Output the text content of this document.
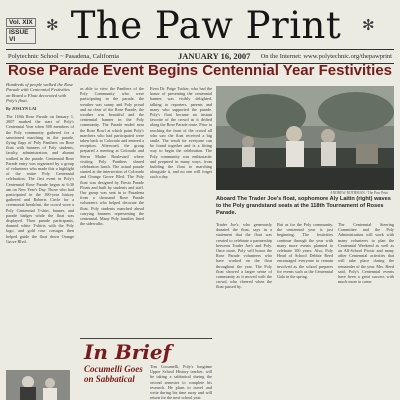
Vol. XIX
ISSUE VI
✻ The Paw Print	✻
Polytechnic School ~ Pasadena, California	JANUARY 16, 2007 On the Internet: www.polytechnic.org/thepawprint
Rose Parade Event Begins Centennial Year Festivities
Hundreds of people walked the Rose Parade with Centennial Festivities on Board a Float decorated with Poly's float.
By JOSLYN LAI
The 118th Rose Parade on January 1, 2007 marked the start of Poly's Centennial Year when 500 members of the Poly community gathered for a sanctioned marching in the parade, flying flags of Poly Panthers on Rose float with banners of Poly students, faculty, administration, and alumni walked in the parade. Centennial Rose Parade entry was organized by a group of volunteers who made this a highlight of the entire Poly Centennial celebration. The first event in Poly's Centennial Rose Parade began at 6:30 am on New Year's Day. Those who had participated in the 100-year history gathered and Roberts Circle for a ceremonial breakfast, the crowd wore a Poly Centennial T-shirt, banner, and parade badges while the float was displayed. Then parade participants, donned white T-shirts with the Poly logo, and gold rose corsages then helped guide the float down Orange Grove Blvd.
as able to view the Panthers of the Poly Community who were participating in the parade, the weather was sunny and Poly proud and no clear of the Rose Parade, the weather was beautiful and the centennial banner in the Poly community. The Parade ended near the Rose Bowl at which point Poly's marchers who had participated were taken back to Colorado and entered a reception. Afterward, the group prepared a meeting at Colorado and Sierra Madre Boulevard where visiting Poly Panthers shared celebration lunch. The actual parade started at the intersection of Colorado and Orange Grove Blvd. The Poly float was designed by Fiesta Parade Floats and built by students and staff. Our group was sent in to Pasadena from a thousand Rose Parade volunteers who helped decorate the float. Poly students marched ahead carrying banners representing the centennial. Many Poly families lined the sidewalks.
Even Dr. Paige Tucker, who had the honor of presenting the centennial banner, was visibly delighted, talking to reporters, parents and many who supported the parade. Poly's float became an instant favorite of the crowd as it drifted along the Rose Parade route. Prior to reaching the front of the crowd all who saw the float received a big smile. The result for everyone can be found together and is a fitting way to begin the celebration. The Poly community was enthusiastic and prepared in many ways, from building the float to marching alongside it, and no one will forget such a day.
ANDREW ROTHMAN / The Paw Print
Aboard The Trader Joe's float, sophomore Aly Laitin (right) waves to the Poly grandstand seats at the 118th Tournament of Roses Parade.
Trader Joe's, who generously donated the float, says in a statement that the float was created to celebrate a partnership between Trader Joe's and Poly. Once more, Poly will honor the Rose Parade volunteers who have worked on the float throughout the year. The Poly float showed a larger sense of community as it moved with the crowd, who cheered when the float passed by.
But as for the Poly community, the centennial year is just beginning. The festivities continue through the year with many more events planned to celebrate 100 years. Also, Poly Head of School Debbie Reed encouraged everyone to remain involved as the school prepares for events such as the Centennial Gala in the spring.
The Centennial Steering Committee and the Poly Administration will work with many volunteers to plan the Centennial Weekend as well as an All-School Picnic and many other Centennial activities that will take place during the remainder of the year. Mrs. Reed said, Poly's Centennial events have been a great success with much more to come.
In Brief
Cocumelli Goes on Sabbatical
Tim Cocumelli, Poly's longtime Upper School History teacher, will be taking a sabbatical during the second semester to complete his research. He plans to travel and write during his time away and will return for the next school year.
